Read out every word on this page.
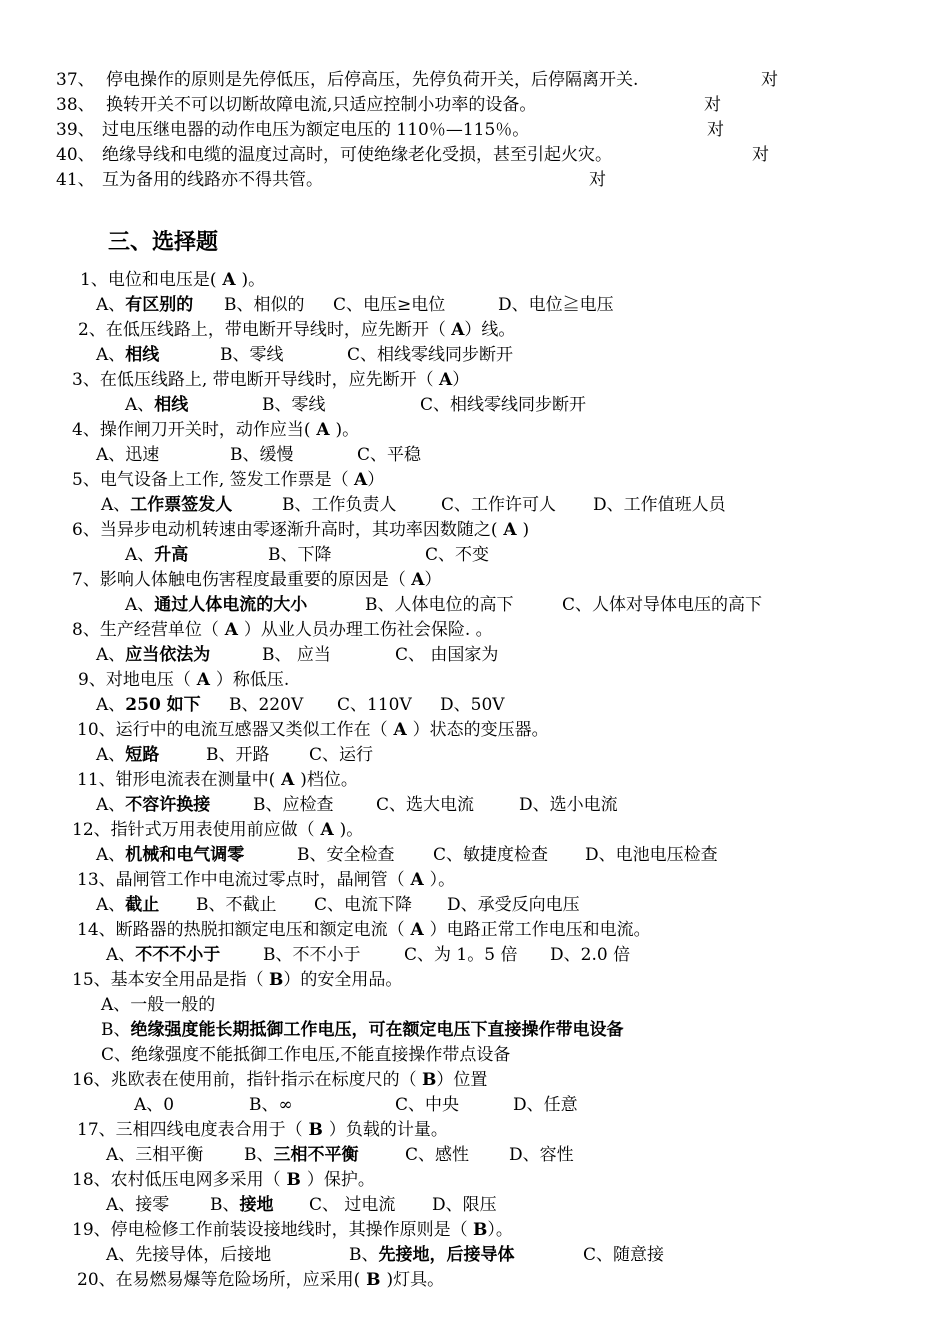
37、 停电操作的原则是先停低压，后停高压，先停负荷开关，后停隔离开关.	对
38、 换转开关不可以切断故障电流,只适应控制小功率的设备。	对
39、 过电压继电器的动作电压为额定电压的 110％—115％。	对
40、 绝缘导线和电缆的温度过高时，可使绝缘老化受损，甚至引起火灾。	对
41、 互为备用的线路亦不得共管。	对
三、选择题
1、电位和电压是( A )。
A、有区别的 B、相似的 C、电压≥电位	D、电位≧电压
2、在低压线路上，带电断开导线时，应先断开（ A）线。
A、相线	B、零线	C、相线零线同步断开
3、在低压线路上, 带电断开导线时，应先断开（ A）
A、相线	B、零线	C、相线零线同步断开
4、操作闸刀开关时，动作应当( A )。
A、迅速	B、缓慢	C、平稳
5、电气设备上工作, 签发工作票是（ A）
A、工作票签发人	B、工作负责人	C、工作许可人 D、工作值班人员
6、当异步电动机转速由零逐渐升高时，其功率因数随之( A )
A、升高	B、下降	C、不变
7、影响人体触电伤害程度最重要的原因是（ A）
A、通过人体电流的大小	B、人体电位的高下	C、人体对导体电压的高下
8、生产经营单位（ A ）从业人员办理工伤社会保险. 。
A、应当依法为	B、 应当	C、 由国家为
9、对地电压（ A ）称低压.
A、250 如下 B、220V C、110V D、50V
10、运行中的电流互感器又类似工作在（ A ）状态的变压器。
A、短路	B、开路 C、运行
11、钳形电流表在测量中( A )档位。
A、不容许换接	B、应检查	C、选大电流	D、选小电流
12、指针式万用表使用前应做（ A )。
A、机械和电气调零	B、安全检查 C、敏捷度检查 D、电池电压检查
13、晶闸管工作中电流过零点时，晶闸管（ A ）。
A、截止 B、不截止 C、电流下降 D、承受反向电压
14、断路器的热脱扣额定电压和额定电流（ A ）电路正常工作电压和电流。
A、不不不小于	B、不不小于	C、为 1。5 倍 D、2.0 倍
15、基本安全用品是指（ B）的安全用品。
A、一般一般的
B、绝缘强度能长期抵御工作电压，可在额定电压下直接操作带电设备
C、绝缘强度不能抵御工作电压,不能直接操作带点设备
16、兆欧表在使用前，指针指示在标度尺的（ B）位置
A、0	B、∞	C、中央	D、任意
17、三相四线电度表合用于（ B ）负载的计量。
A、三相平衡 B、三相不平衡	C、感性 D、容性
18、农村低压电网多采用（ B ）保护。
A、接零 B、接地 C、 过电流 D、限压
19、停电检修工作前装设接地线时，其操作原则是（ B）。
A、先接导体，后接地	B、先接地，后接导体	C、随意接
20、在易燃易爆等危险场所，应采用( B )灯具。
